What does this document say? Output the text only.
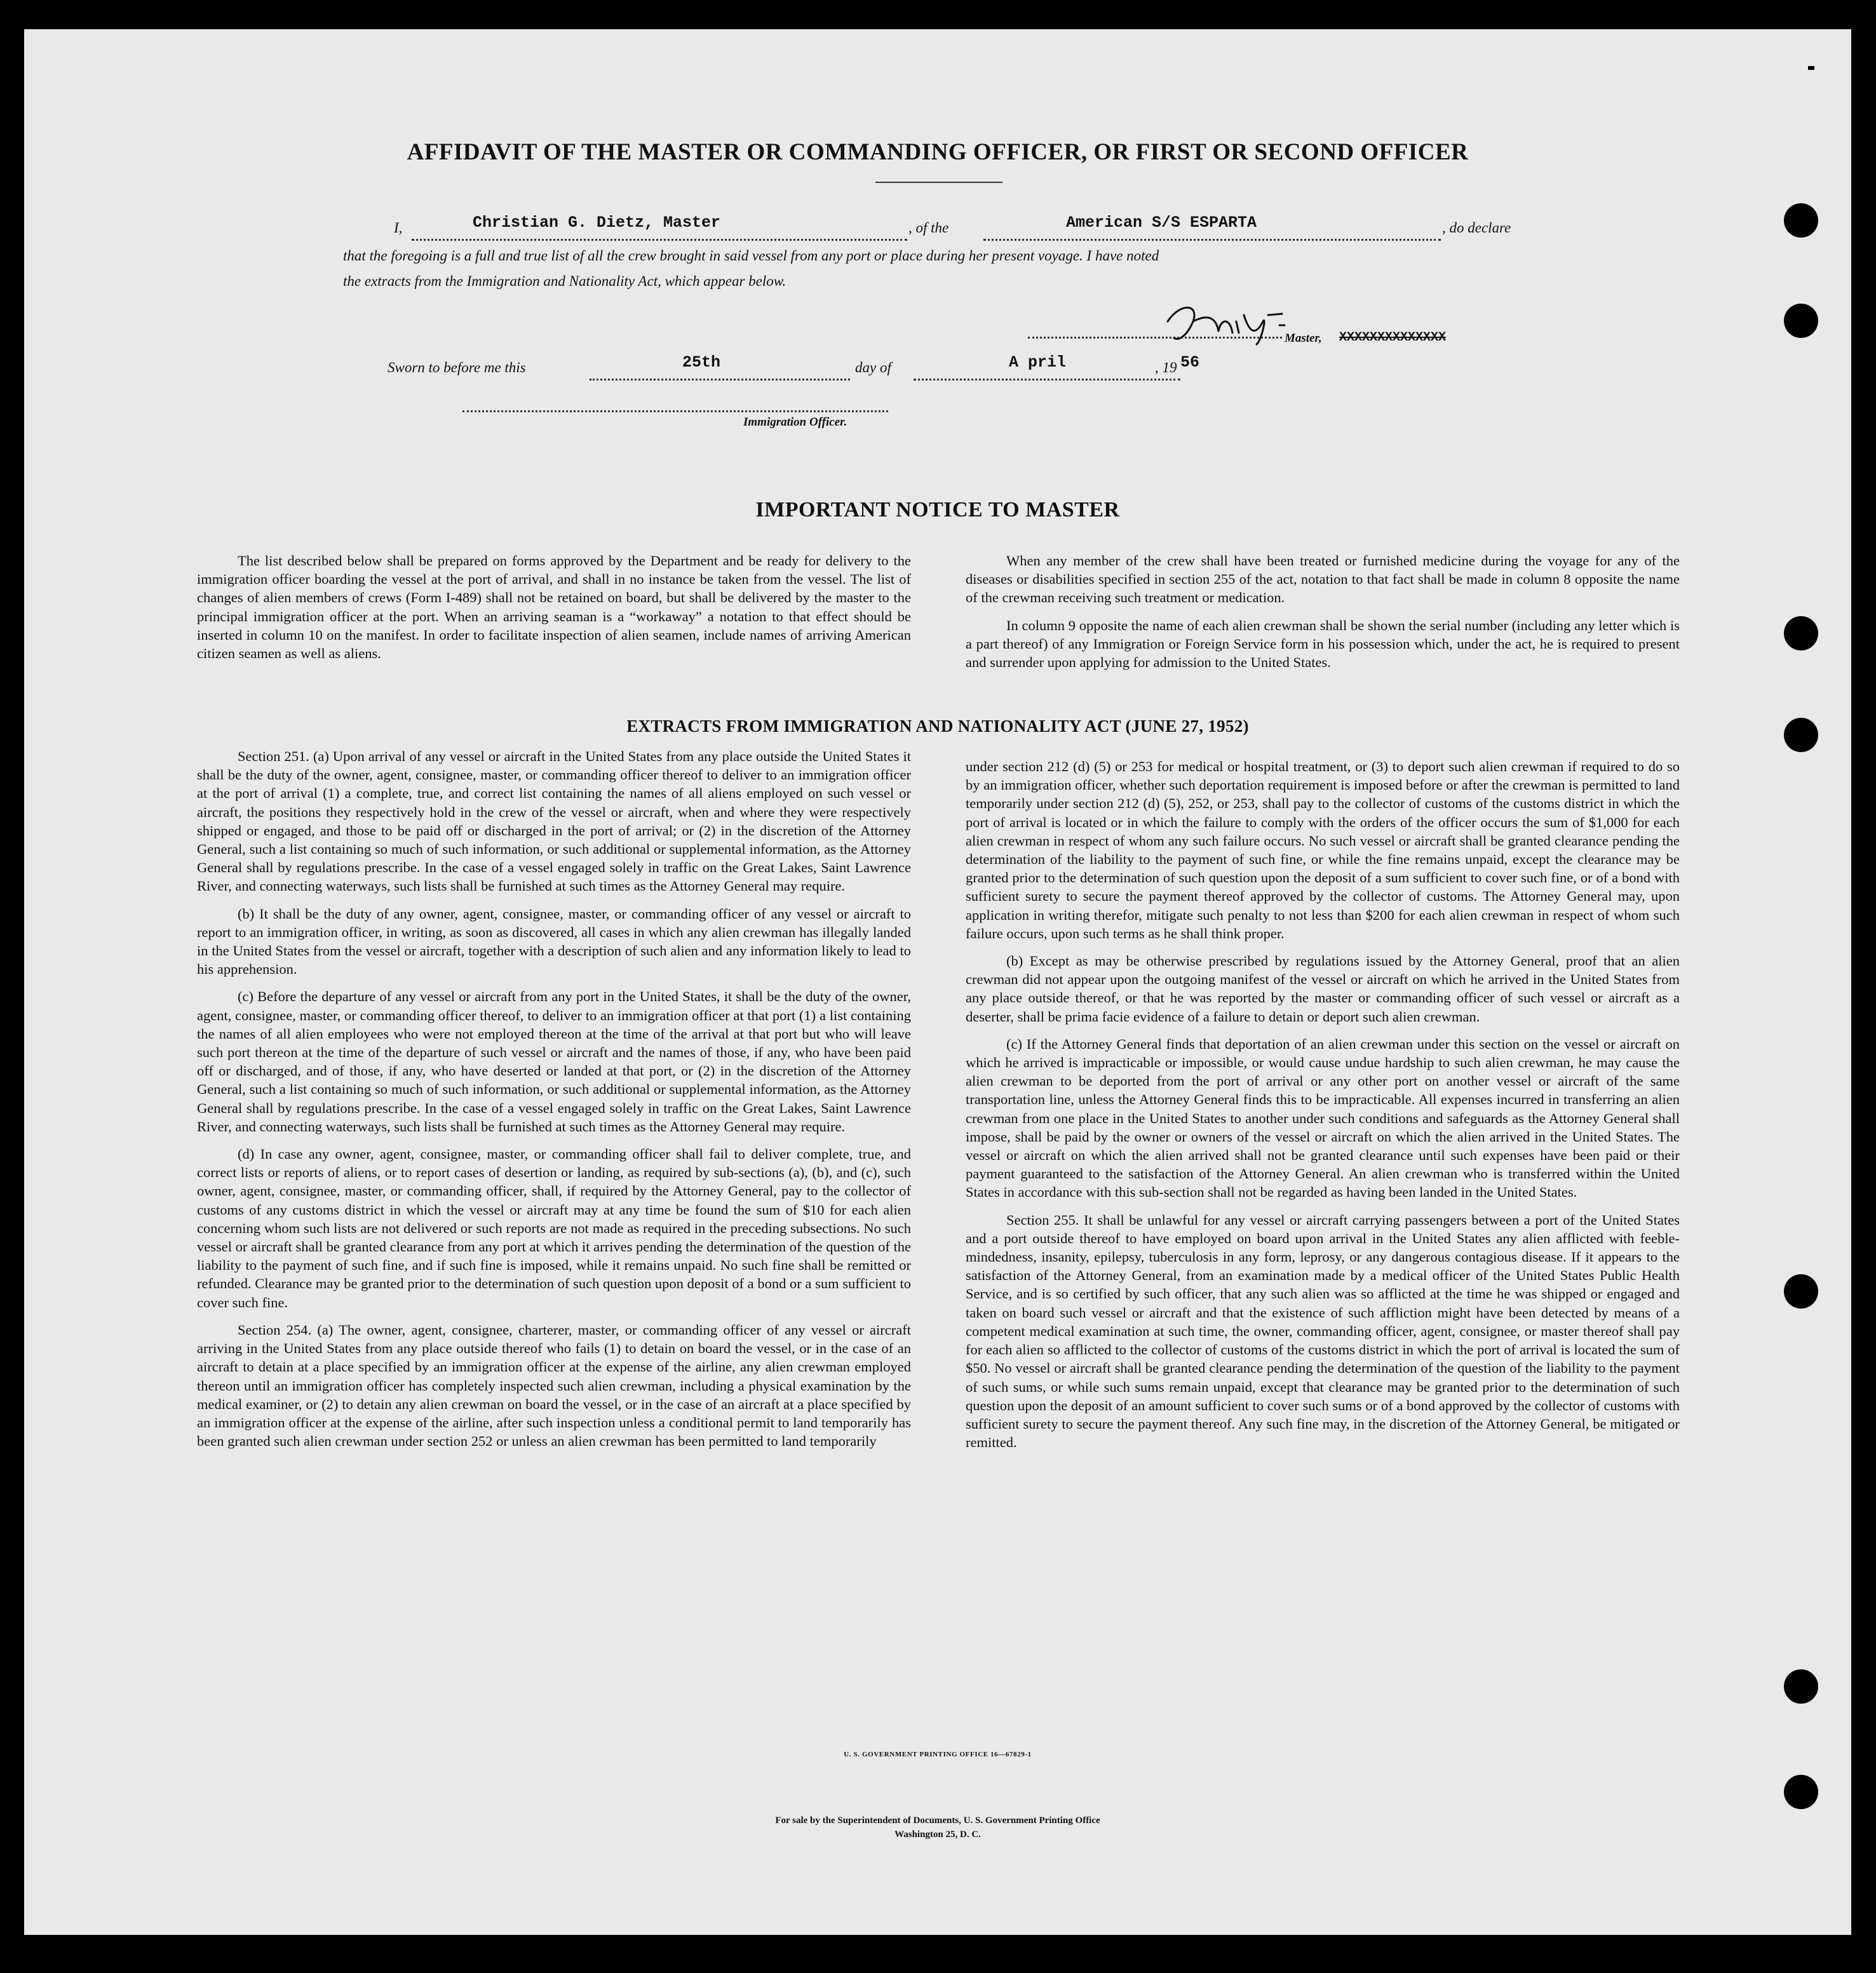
AFFIDAVIT OF THE MASTER OR COMMANDING OFFICER, OR FIRST OR SECOND OFFICER
I,	Christian G. Dietz, Master	, of the	American S/S ESPARTA	, do declare
that the foregoing is a full and true list of all the crew brought in said vessel from any port or place during her present voyage. I have noted
the extracts from the Immigration and Nationality Act, which appear below.
Master, XXXXXXXXXXXXXX
Sworn to before me this	25th	day of	A pril	, 19 56
Immigration Officer.
IMPORTANT NOTICE TO MASTER

The list described below shall be prepared on forms approved by the Department and be ready for delivery to the immigration officer boarding the vessel at the port of arrival, and shall in no instance be taken from the vessel. The list of changes of alien members of crews (Form I-489) shall not be retained on board, but shall be delivered by the master to the principal immigration officer at the port. When an arriving seaman is a “workaway” a notation to that effect should be inserted in column 10 on the manifest. In order to facilitate inspection of alien seamen, include names of arriving American citizen seamen as well as aliens.

When any member of the crew shall have been treated or furnished medicine during the voyage for any of the diseases or disabilities specified in section 255 of the act, notation to that fact shall be made in column 8 opposite the name of the crewman receiving such treatment or medication.

In column 9 opposite the name of each alien crewman shall be shown the serial number (including any letter which is a part thereof) of any Immigration or Foreign Service form in his possession which, under the act, he is required to present and surrender upon applying for admission to the United States.

EXTRACTS FROM IMMIGRATION AND NATIONALITY ACT (JUNE 27, 1952)

Section 251. (a) Upon arrival of any vessel or aircraft in the United States from any place outside the United States it shall be the duty of the owner, agent, consignee, master, or commanding officer thereof to deliver to an immigration officer at the port of arrival (1) a complete, true, and correct list containing the names of all aliens employed on such vessel or aircraft, the positions they respectively hold in the crew of the vessel or aircraft, when and where they were respectively shipped or engaged, and those to be paid off or discharged in the port of arrival; or (2) in the discretion of the Attorney General, such a list containing so much of such information, or such additional or supplemental information, as the Attorney General shall by regulations prescribe. In the case of a vessel engaged solely in traffic on the Great Lakes, Saint Lawrence River, and connecting waterways, such lists shall be furnished at such times as the Attorney General may require.

(b) It shall be the duty of any owner, agent, consignee, master, or commanding officer of any vessel or aircraft to report to an immigration officer, in writing, as soon as discovered, all cases in which any alien crewman has illegally landed in the United States from the vessel or aircraft, together with a description of such alien and any information likely to lead to his apprehension.

(c) Before the departure of any vessel or aircraft from any port in the United States, it shall be the duty of the owner, agent, consignee, master, or commanding officer thereof, to deliver to an immigration officer at that port (1) a list containing the names of all alien employees who were not employed thereon at the time of the arrival at that port but who will leave such port thereon at the time of the departure of such vessel or aircraft and the names of those, if any, who have been paid off or discharged, and of those, if any, who have deserted or landed at that port, or (2) in the discretion of the Attorney General, such a list containing so much of such information, or such additional or supplemental information, as the Attorney General shall by regulations prescribe. In the case of a vessel engaged solely in traffic on the Great Lakes, Saint Lawrence River, and connecting waterways, such lists shall be furnished at such times as the Attorney General may require.

(d) In case any owner, agent, consignee, master, or commanding officer shall fail to deliver complete, true, and correct lists or reports of aliens, or to report cases of desertion or landing, as required by sub-sections (a), (b), and (c), such owner, agent, consignee, master, or commanding officer, shall, if required by the Attorney General, pay to the collector of customs of any customs district in which the vessel or aircraft may at any time be found the sum of $10 for each alien concerning whom such lists are not delivered or such reports are not made as required in the preceding subsections. No such vessel or aircraft shall be granted clearance from any port at which it arrives pending the determination of the question of the liability to the payment of such fine, and if such fine is imposed, while it remains unpaid. No such fine shall be remitted or refunded. Clearance may be granted prior to the determination of such question upon deposit of a bond or a sum sufficient to cover such fine.

Section 254. (a) The owner, agent, consignee, charterer, master, or commanding officer of any vessel or aircraft arriving in the United States from any place outside thereof who fails (1) to detain on board the vessel, or in the case of an aircraft to detain at a place specified by an immigration officer at the expense of the airline, any alien crewman employed thereon until an immigration officer has completely inspected such alien crewman, including a physical examination by the medical examiner, or (2) to detain any alien crewman on board the vessel, or in the case of an aircraft at a place specified by an immigration officer at the expense of the airline, after such inspection unless a conditional permit to land temporarily has been granted such alien crewman under section 252 or unless an alien crewman has been permitted to land temporarily

under section 212 (d) (5) or 253 for medical or hospital treatment, or (3) to deport such alien crewman if required to do so by an immigration officer, whether such deportation requirement is imposed before or after the crewman is permitted to land temporarily under section 212 (d) (5), 252, or 253, shall pay to the collector of customs of the customs district in which the port of arrival is located or in which the failure to comply with the orders of the officer occurs the sum of $1,000 for each alien crewman in respect of whom any such failure occurs. No such vessel or aircraft shall be granted clearance pending the determination of the liability to the payment of such fine, or while the fine remains unpaid, except the clearance may be granted prior to the determination of such question upon the deposit of a sum sufficient to cover such fine, or of a bond with sufficient surety to secure the payment thereof approved by the collector of customs. The Attorney General may, upon application in writing therefor, mitigate such penalty to not less than $200 for each alien crewman in respect of whom such failure occurs, upon such terms as he shall think proper.

(b) Except as may be otherwise prescribed by regulations issued by the Attorney General, proof that an alien crewman did not appear upon the outgoing manifest of the vessel or aircraft on which he arrived in the United States from any place outside thereof, or that he was reported by the master or commanding officer of such vessel or aircraft as a deserter, shall be prima facie evidence of a failure to detain or deport such alien crewman.

(c) If the Attorney General finds that deportation of an alien crewman under this section on the vessel or aircraft on which he arrived is impracticable or impossible, or would cause undue hardship to such alien crewman, he may cause the alien crewman to be deported from the port of arrival or any other port on another vessel or aircraft of the same transportation line, unless the Attorney General finds this to be impracticable. All expenses incurred in transferring an alien crewman from one place in the United States to another under such conditions and safeguards as the Attorney General shall impose, shall be paid by the owner or owners of the vessel or aircraft on which the alien arrived in the United States. The vessel or aircraft on which the alien arrived shall not be granted clearance until such expenses have been paid or their payment guaranteed to the satisfaction of the Attorney General. An alien crewman who is transferred within the United States in accordance with this sub-section shall not be regarded as having been landed in the United States.

Section 255. It shall be unlawful for any vessel or aircraft carrying passengers between a port of the United States and a port outside thereof to have employed on board upon arrival in the United States any alien afflicted with feeble-mindedness, insanity, epilepsy, tuberculosis in any form, leprosy, or any dangerous contagious disease. If it appears to the satisfaction of the Attorney General, from an examination made by a medical officer of the United States Public Health Service, and is so certified by such officer, that any such alien was so afflicted at the time he was shipped or engaged and taken on board such vessel or aircraft and that the existence of such affliction might have been detected by means of a competent medical examination at such time, the owner, commanding officer, agent, consignee, or master thereof shall pay for each alien so afflicted to the collector of customs of the customs district in which the port of arrival is located the sum of $50. No vessel or aircraft shall be granted clearance pending the determination of the question of the liability to the payment of such sums, or while such sums remain unpaid, except that clearance may be granted prior to the determination of such question upon the deposit of an amount sufficient to cover such sums or of a bond approved by the collector of customs with sufficient surety to secure the payment thereof. Any such fine may, in the discretion of the Attorney General, be mitigated or remitted.

U. S. GOVERNMENT PRINTING OFFICE 16—67829-1
For sale by the Superintendent of Documents, U. S. Government Printing Office
Washington 25, D. C.
